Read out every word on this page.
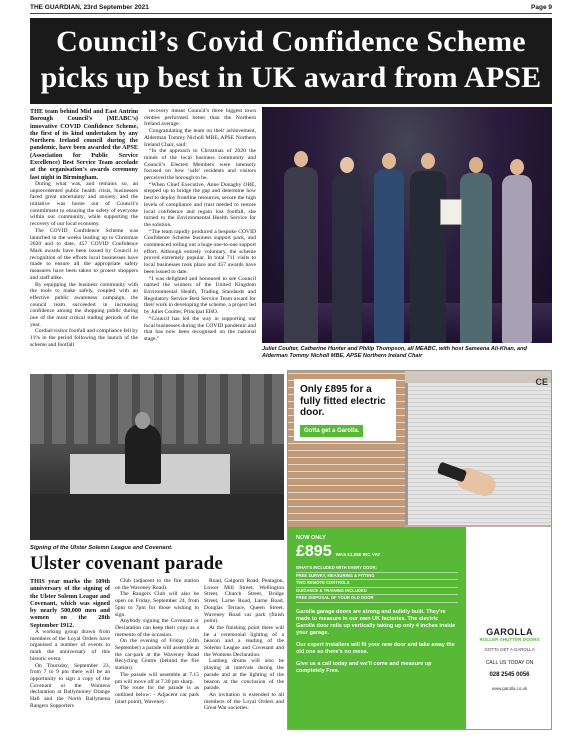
THE GUARDIAN, 23rd September 2021	Page 9
Council’s Covid Confidence Scheme
picks up best in UK award from APSE

THE team behind Mid and East Antrim Borough Council’s (MEABC’s) innovative COVID Confidence Scheme, the first of its kind undertaken by any Northern Ireland council during the pandemic, have been awarded the APSE (Association for Public Service Excellence) Best Service Team accolade at the organisation’s awards ceremony last night in Birmingham.

During what was, and remains so, an unprecedented public health crisis, businesses faced great uncertainty and anxiety, and the initiative was borne out of Council’s commitment to ensuring the safety of everyone within our community, while supporting the recovery of our local economy.

The COVID Confidence Scheme was launched in the weeks leading up to Christmas 2020 and to date, 457 COVID Confidence Mark awards have been issued by Council in recognition of the efforts local businesses have made to ensure all the appropriate safety measures have been taken to protect shoppers and staff alike.

By equipping the business community with the tools to make safely, coupled with an effective public awareness campaign, the council team succeeded in increasing confidence among the shopping public during one of the most critical trading periods of the year.

Cordial/visitor footfall and compliance fell by 11% in the period following the launch of the scheme and footfall

recovery meant Council’s three biggest town centres performed better than the Northern Ireland average.

Congratulating the team on their achievement, Alderman Tommy Nicholl MBE, APSE Northern Ireland Chair, said:

“In the approach to Christmas of 2020 the minds of the local business community and Council’s Elected Members were intensely focused on how ‘safe’ residents and visitors perceived the borough to be.

“When Chief Executive, Anne Donaghy OBE, stepped up to bridge the gap and determine how best to deploy frontline resources, secure the high levels of compliance and trust needed to restore local confidence and regain lost footfall, she turned to the Environmental Health Service for the solution.

“The team rapidly produced a bespoke COVID Confidence Scheme business support pack, and commenced rolling out a huge one-to-one support effort. Although entirely voluntary, the scheme proved extremely popular. In total 711 visits to local businesses took place and 457 awards have been issued to date.

“I was delighted and honoured to see Council named the winners of the United Kingdom Environmental Health, Trading Standards and Regulatory Service Best Service Team award for their work in developing the scheme, a project led by Juliet Coulter, Principal EHO.

“Council has led the way in supporting our local businesses during the COVID pandemic and that has now been recognised on the national stage.”

Juliet Coulter, Catherine Hunter and Philip Thompson, all MEABC, with host Sameena Ali-Khan, and Alderman Tommy Nicholl MBE, APSE Northern Ireland Chair
Signing of the Ulster Solemn League and Covenant.
Ulster covenant parade

THIS year marks the 109th anniversary of the signing of the Ulster Solemn League and Covenant, which was signed by nearly 500,000 men and women on the 28th September 1912.

A working group drawn from members of the Loyal Orders have organised a number of events to mark the anniversary of this historic event.

On Thursday, September 23, from 7 to 9 pm there will be an opportunity to sign a copy of the Covenant or the Womens declaration at Ballymoney Orange Hall and the North Ballymena Rangers Supporters

Club (adjacent to the fire station on the Waveney Road).

The Rangers Club will also be open on Friday, September 24, from 5pm to 7pm for those wishing to sign.

Anybody signing the Covenant or Declaration can keep their copy as a memento of the occasion.

On the evening of Friday (24th September) a parade will assemble at the car-park at the Waveney Road Recycling Centre (behind the fire station).

The parade will assemble at 7.15 pm will move off at 7.30 pm sharp.

The route for the parade is as outlined below: - Adjacent car park (start point), Waveney

Road, Galgorm Road, Pentagon, Lower Mill Street, Wellington Street, Church Street, Bridge Street, Larne Road, Larne Road, Douglas Terrace, Queen Street, Waveney Road car park (finish point).

At the finishing point there will be a ceremonial lighting of a beacon and a reading of the Solemn League and Covenant and the Womens Declaration.

Lambeg drums will also be playing at intervals during the parade and at the lighting of the beacon at the conclusion of the parade.

An invitation is extended to all members of the Loyal Orders and Great War societies.

Only £895 for a fully fitted electric door.
Gotta get a Garolla.
CE
NOW ONLY
£895 WAS £1,050 INC VAT
WHAT'S INCLUDED WITH EVERY DOOR:
FREE SURVEY, MEASURING & FITTING
TWO REMOTE CONTROLS
GUIDANCE & TRAINING INCLUDED
FREE DISPOSAL OF YOUR OLD DOOR

Garolla garage doors are strong and solidly built. They're made to measure in our own UK factories. The electric Garolla door rolls up vertically taking up only 4 inches inside your garage.

Our expert installers will fit your new door and take away the old one so there's no mess.

Give us a call today and we'll come and measure up completely Free.

GAROLLA
ROLLER SHUTTER DOORS
GOTTA GET A GAROLLA
CALL US TODAY ON
028 2545 0056
www.garolla.co.uk
